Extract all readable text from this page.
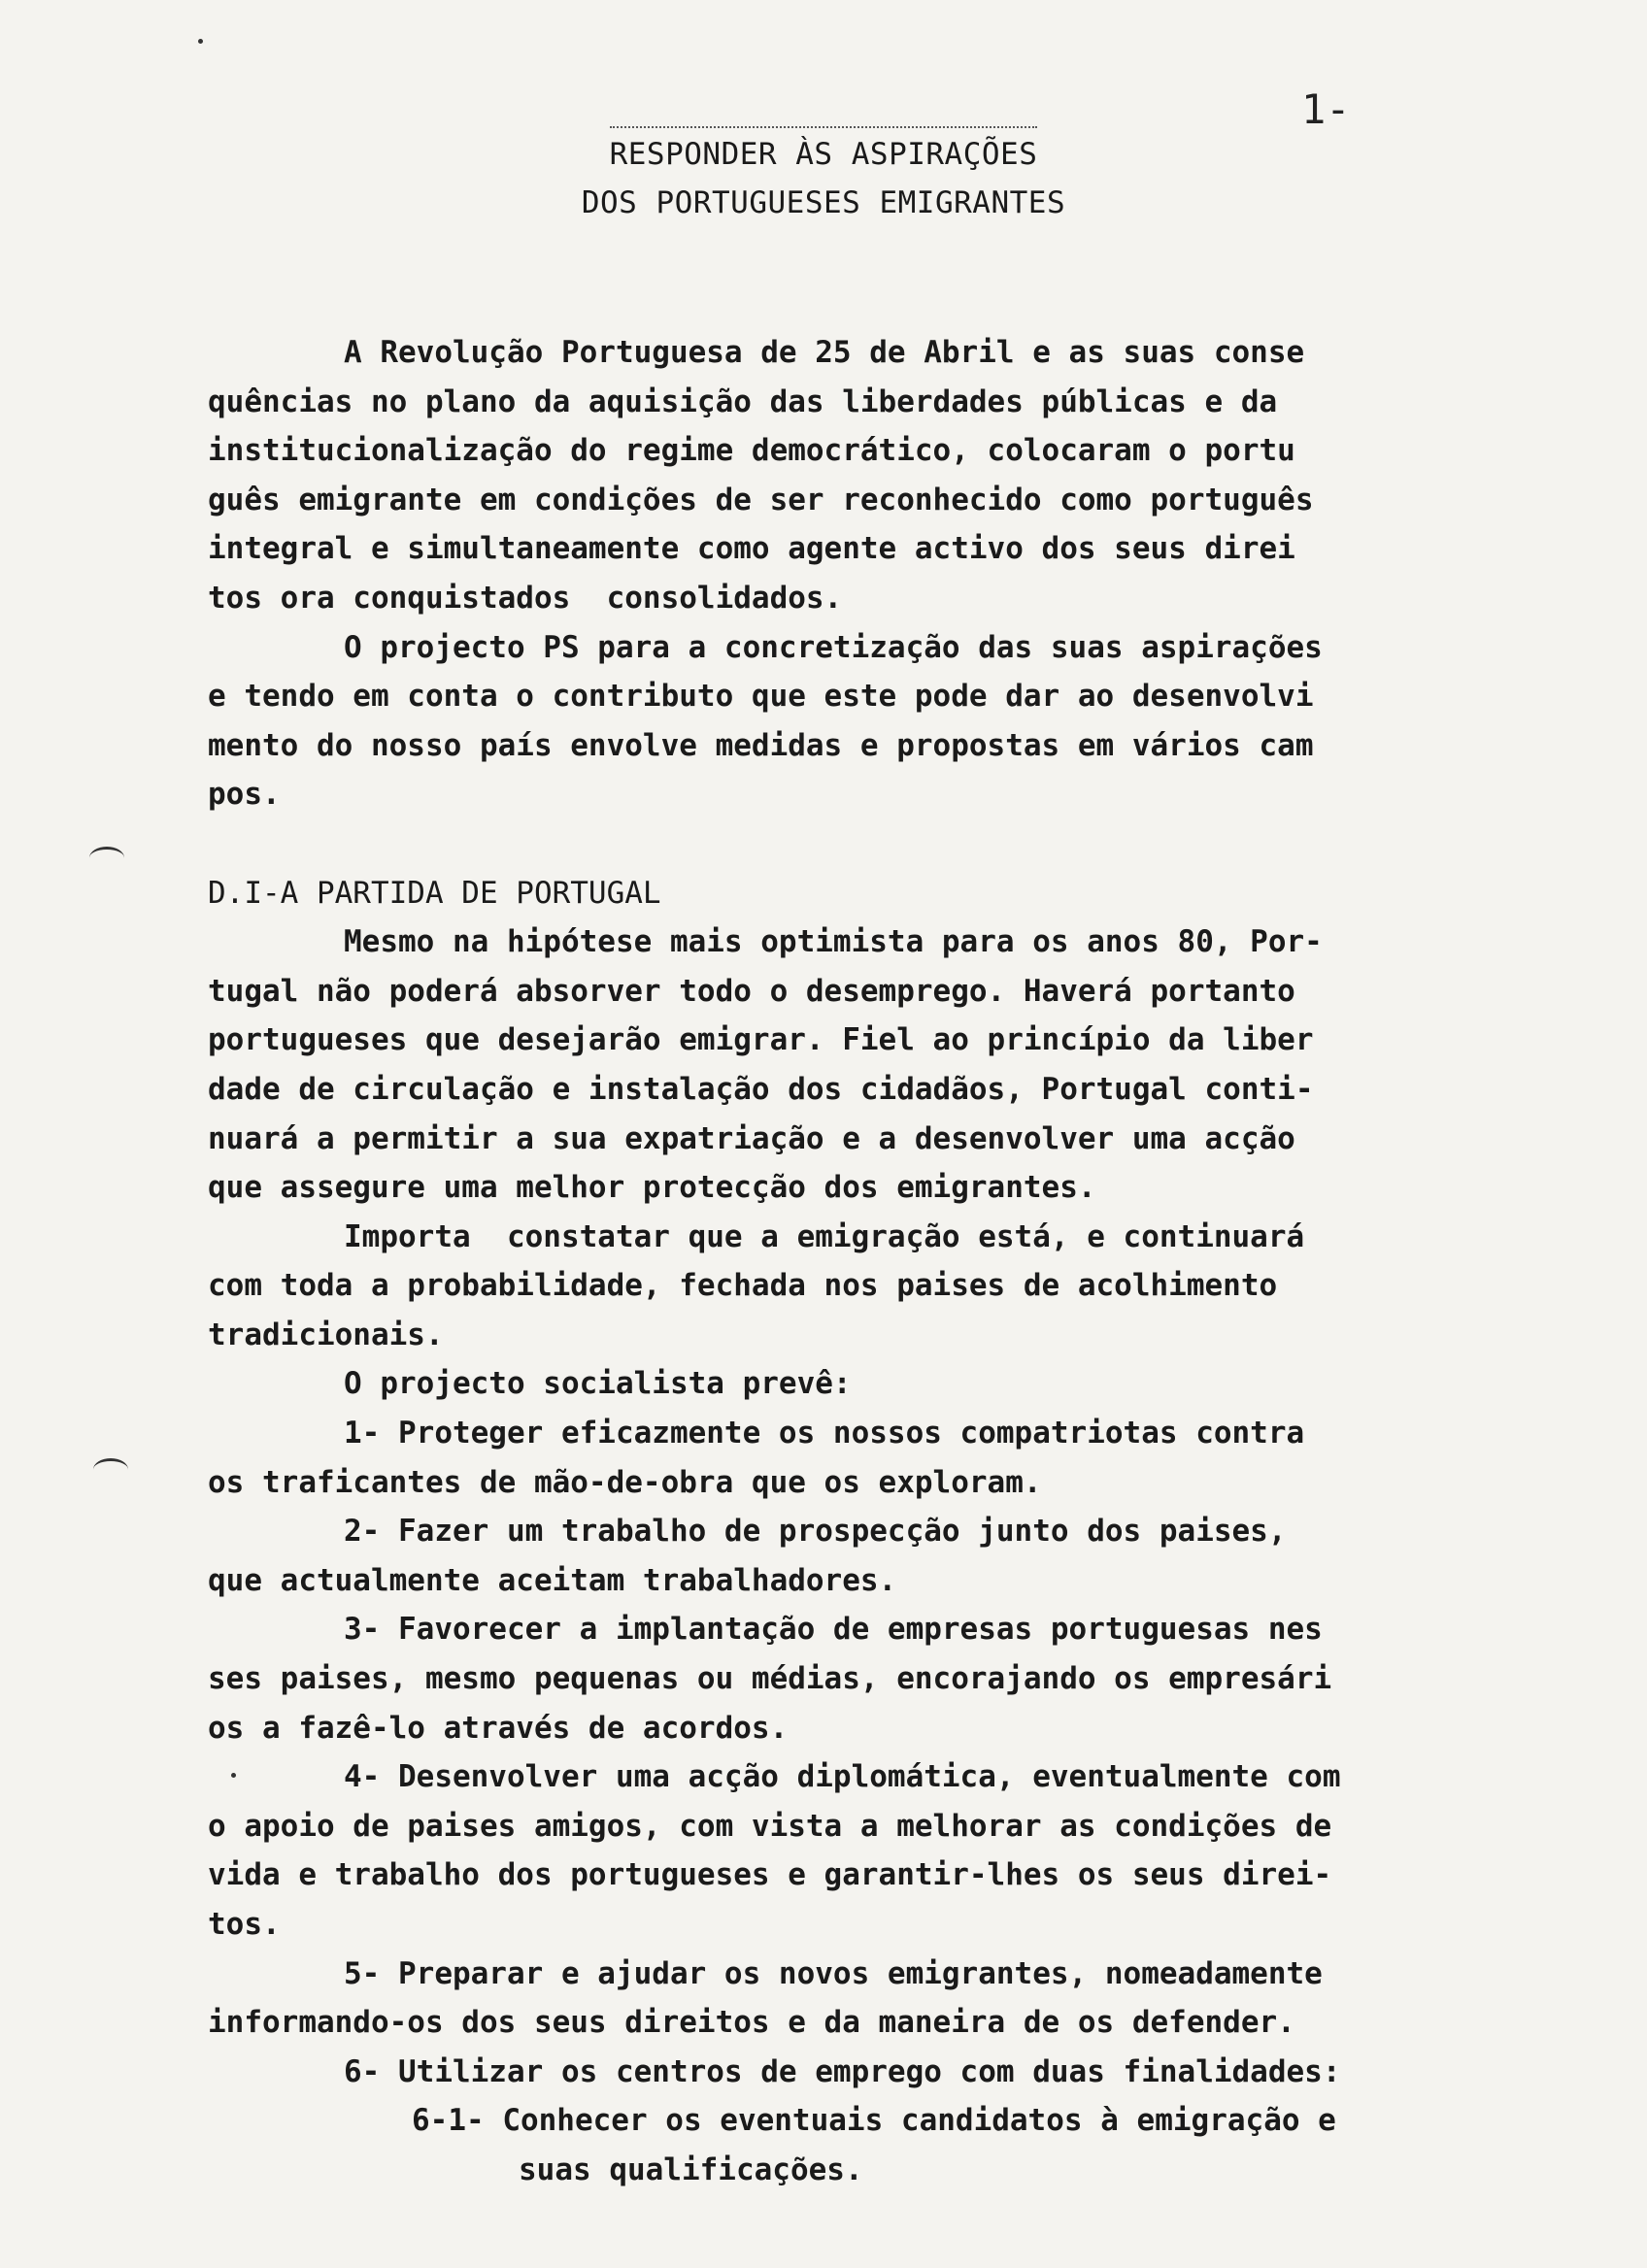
1-
RESPONDER ÀS ASPIRAÇÕES
DOS PORTUGUESES EMIGRANTES

A Revolução Portuguesa de 25 de Abril e as suas conse

quências no plano da aquisição das liberdades públicas e da

institucionalização do regime democrático, colocaram o portu

guês emigrante em condições de ser reconhecido como português

integral e simultaneamente como agente activo dos seus direi

tos ora conquistados  consolidados.

O projecto PS para a concretização das suas aspirações

e tendo em conta o contributo que este pode dar ao desenvolvi

mento do nosso país envolve medidas e propostas em vários cam

pos.

D.I-A PARTIDA DE PORTUGAL

Mesmo na hipótese mais optimista para os anos 80, Por-

tugal não poderá absorver todo o desemprego. Haverá portanto

portugueses que desejarão emigrar. Fiel ao princípio da liber

dade de circulação e instalação dos cidadãos, Portugal conti-

nuará a permitir a sua expatriação e a desenvolver uma acção

que assegure uma melhor protecção dos emigrantes.

Importa  constatar que a emigração está, e continuará

com toda a probabilidade, fechada nos paises de acolhimento

tradicionais.

O projecto socialista prevê:

1- Proteger eficazmente os nossos compatriotas contra

os traficantes de mão-de-obra que os exploram.

2- Fazer um trabalho de prospecção junto dos paises,

que actualmente aceitam trabalhadores.

3- Favorecer a implantação de empresas portuguesas nes

ses paises, mesmo pequenas ou médias, encorajando os empresári

os a fazê-lo através de acordos.

4- Desenvolver uma acção diplomática, eventualmente com

o apoio de paises amigos, com vista a melhorar as condições de

vida e trabalho dos portugueses e garantir-lhes os seus direi-

tos.

5- Preparar e ajudar os novos emigrantes, nomeadamente

informando-os dos seus direitos e da maneira de os defender.

6- Utilizar os centros de emprego com duas finalidades:

6-1- Conhecer os eventuais candidatos à emigração e

suas qualificações.
